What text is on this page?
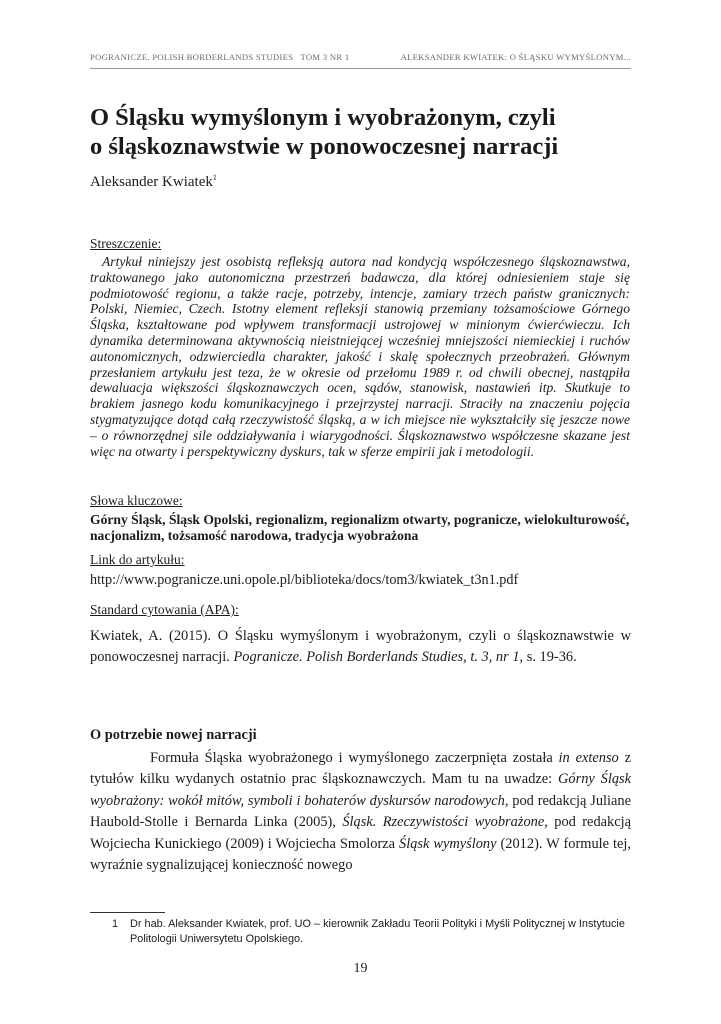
POGRANICZE. POLISH BORDERLANDS STUDIES   TOM 3 NR 1	ALEKSANDER KWIATEK: O ŚLĄSKU WYMYŚLONYM...
O Śląsku wymyślonym i wyobrażonym, czyli
o śląskoznawstwie w ponowoczesnej narracji
Aleksander Kwiatek$^1$
Streszczenie:

Artykuł niniejszy jest osobistą refleksją autora nad kondycją współczesnego śląskoznawstwa, traktowanego jako autonomiczna przestrzeń badawcza, dla której odniesieniem staje się podmiotowość regionu, a także racje, potrzeby, intencje, zamiary trzech państw granicznych: Polski, Niemiec, Czech. Istotny element refleksji stanowią przemiany tożsamościowe Górnego Śląska, kształtowane pod wpływem transformacji ustrojowej w minionym ćwierćwieczu. Ich dynamika determinowana aktywnością nieistniejącej wcześniej mniejszości niemieckiej i ruchów autonomicznych, odzwierciedla charakter, jakość i skalę społecznych przeobrażeń. Głównym przesłaniem artykułu jest teza, że w okresie od przełomu 1989 r. od chwili obecnej, nastąpiła dewaluacja większości śląskoznawczych ocen, sądów, stanowisk, nastawień itp. Skutkuje to brakiem jasnego kodu komunikacyjnego i przejrzystej narracji. Straciły na znaczeniu pojęcia stygmatyzujące dotąd całą rzeczywistość śląską, a w ich miejsce nie wykształciły się jeszcze nowe – o równorzędnej sile oddziaływania i wiarygodności. Śląskoznawstwo współczesne skazane jest więc na otwarty i perspektywiczny dyskurs, tak w sferze empirii jak i metodologii.

Słowa kluczowe:

Górny Śląsk, Śląsk Opolski, regionalizm, regionalizm otwarty, pogranicze, wielokulturowość, nacjonalizm, tożsamość narodowa, tradycja wyobrażona

Link do artykułu:
http://www.pogranicze.uni.opole.pl/biblioteka/docs/tom3/kwiatek_t3n1.pdf
Standard cytowania (APA):

Kwiatek, A. (2015). O Śląsku wymyślonym i wyobrażonym, czyli o śląskoznawstwie w ponowoczesnej narracji. Pogranicze. Polish Borderlands Studies, t. 3, nr 1, s. 19-36.

O potrzebie nowej narracji

Formuła Śląska wyobrażonego i wymyślonego zaczerpnięta została in extenso z tytułów kilku wydanych ostatnio prac śląskoznawczych. Mam tu na uwadze: Górny Śląsk wyobrażony: wokół mitów, symboli i bohaterów dyskursów narodowych, pod redakcją Juliane Haubold-Stolle i Bernarda Linka (2005), Śląsk. Rzeczywistości wyobrażone, pod redakcją Wojciecha Kunickiego (2009) i Wojciecha Smolorza Śląsk wymyślony (2012). W formule tej, wyraźnie sygnalizującej konieczność nowego

1 Dr hab. Aleksander Kwiatek, prof. UO – kierownik Zakładu Teorii Polityki i Myśli Politycznej w Instytucie Politologii Uniwersytetu Opolskiego.

19
